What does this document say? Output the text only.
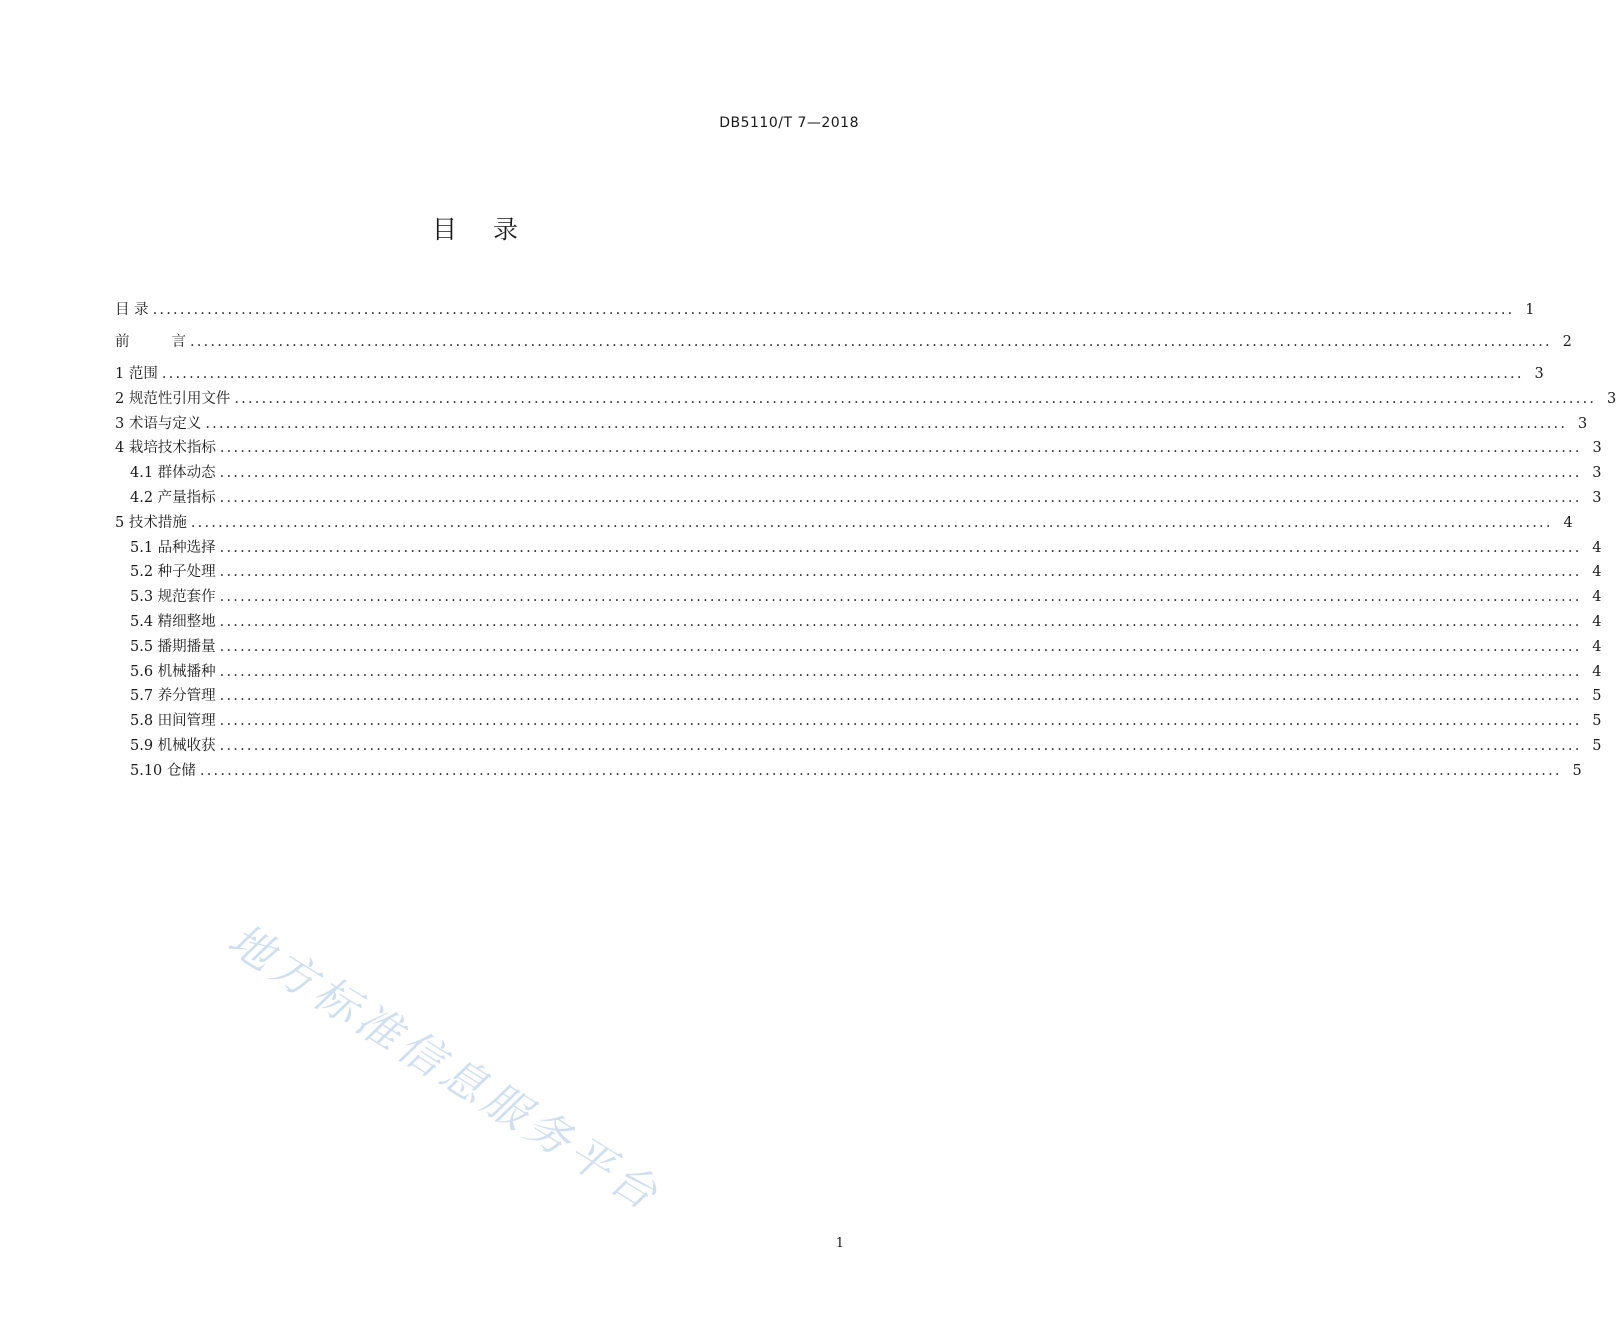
DB5110/T 7—2018
目 录
目 录 ........................................................................................................................................................................................................ 1
前	言 ........................................................................................................................................................................................................ 2
1 范围 ........................................................................................................................................................................................................ 3
2 规范性引用文件 ........................................................................................................................................................................................................ 3
3 术语与定义 ........................................................................................................................................................................................................ 3
4 栽培技术指标 ........................................................................................................................................................................................................ 3
4.1 群体动态 ........................................................................................................................................................................................................ 3
4.2 产量指标 ........................................................................................................................................................................................................ 3
5 技术措施 ........................................................................................................................................................................................................ 4
5.1 品种选择 ........................................................................................................................................................................................................ 4
5.2 种子处理 ........................................................................................................................................................................................................ 4
5.3 规范套作 ........................................................................................................................................................................................................ 4
5.4 精细整地 ........................................................................................................................................................................................................ 4
5.5 播期播量 ........................................................................................................................................................................................................ 4
5.6 机械播种 ........................................................................................................................................................................................................ 4
5.7 养分管理 ........................................................................................................................................................................................................ 5
5.8 田间管理 ........................................................................................................................................................................................................ 5
5.9 机械收获 ........................................................................................................................................................................................................ 5
5.10 仓储 ........................................................................................................................................................................................................ 5
地方标准信息服务平台
1
